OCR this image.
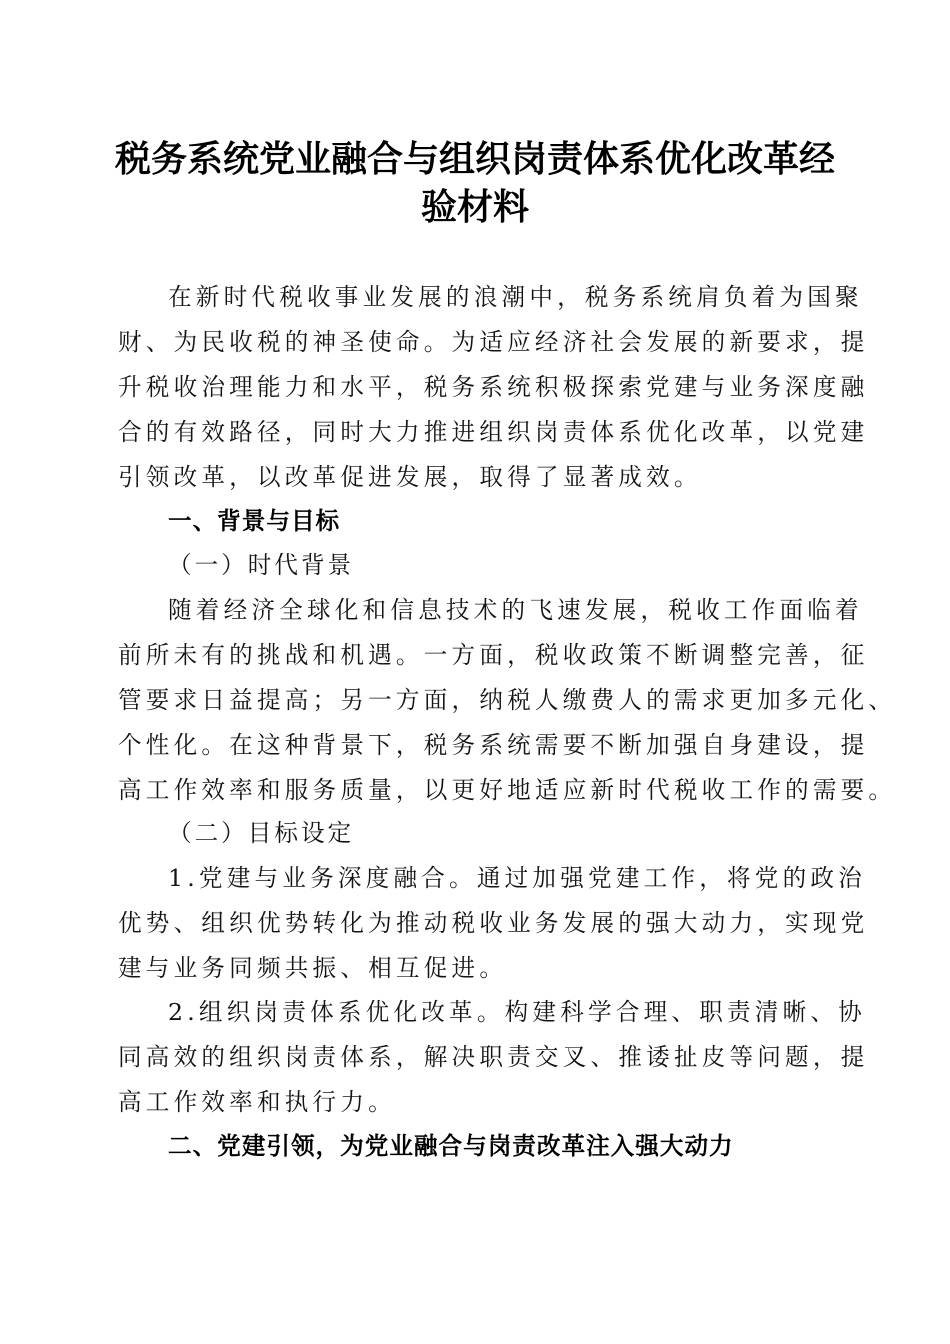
税务系统党业融合与组织岗责体系优化改革经
验材料
在新时代税收事业发展的浪潮中，税务系统肩负着为国聚
财、为民收税的神圣使命。为适应经济社会发展的新要求，提
升税收治理能力和水平，税务系统积极探索党建与业务深度融
合的有效路径，同时大力推进组织岗责体系优化改革，以党建
引领改革，以改革促进发展，取得了显著成效。
一、背景与目标
（一）时代背景
随着经济全球化和信息技术的飞速发展，税收工作面临着
前所未有的挑战和机遇。一方面，税收政策不断调整完善，征
管要求日益提高；另一方面，纳税人缴费人的需求更加多元化、
个性化。在这种背景下，税务系统需要不断加强自身建设，提
高工作效率和服务质量，以更好地适应新时代税收工作的需要。
（二）目标设定
1.党建与业务深度融合。通过加强党建工作，将党的政治
优势、组织优势转化为推动税收业务发展的强大动力，实现党
建与业务同频共振、相互促进。
2.组织岗责体系优化改革。构建科学合理、职责清晰、协
同高效的组织岗责体系，解决职责交叉、推诿扯皮等问题，提
高工作效率和执行力。
二、党建引领，为党业融合与岗责改革注入强大动力
